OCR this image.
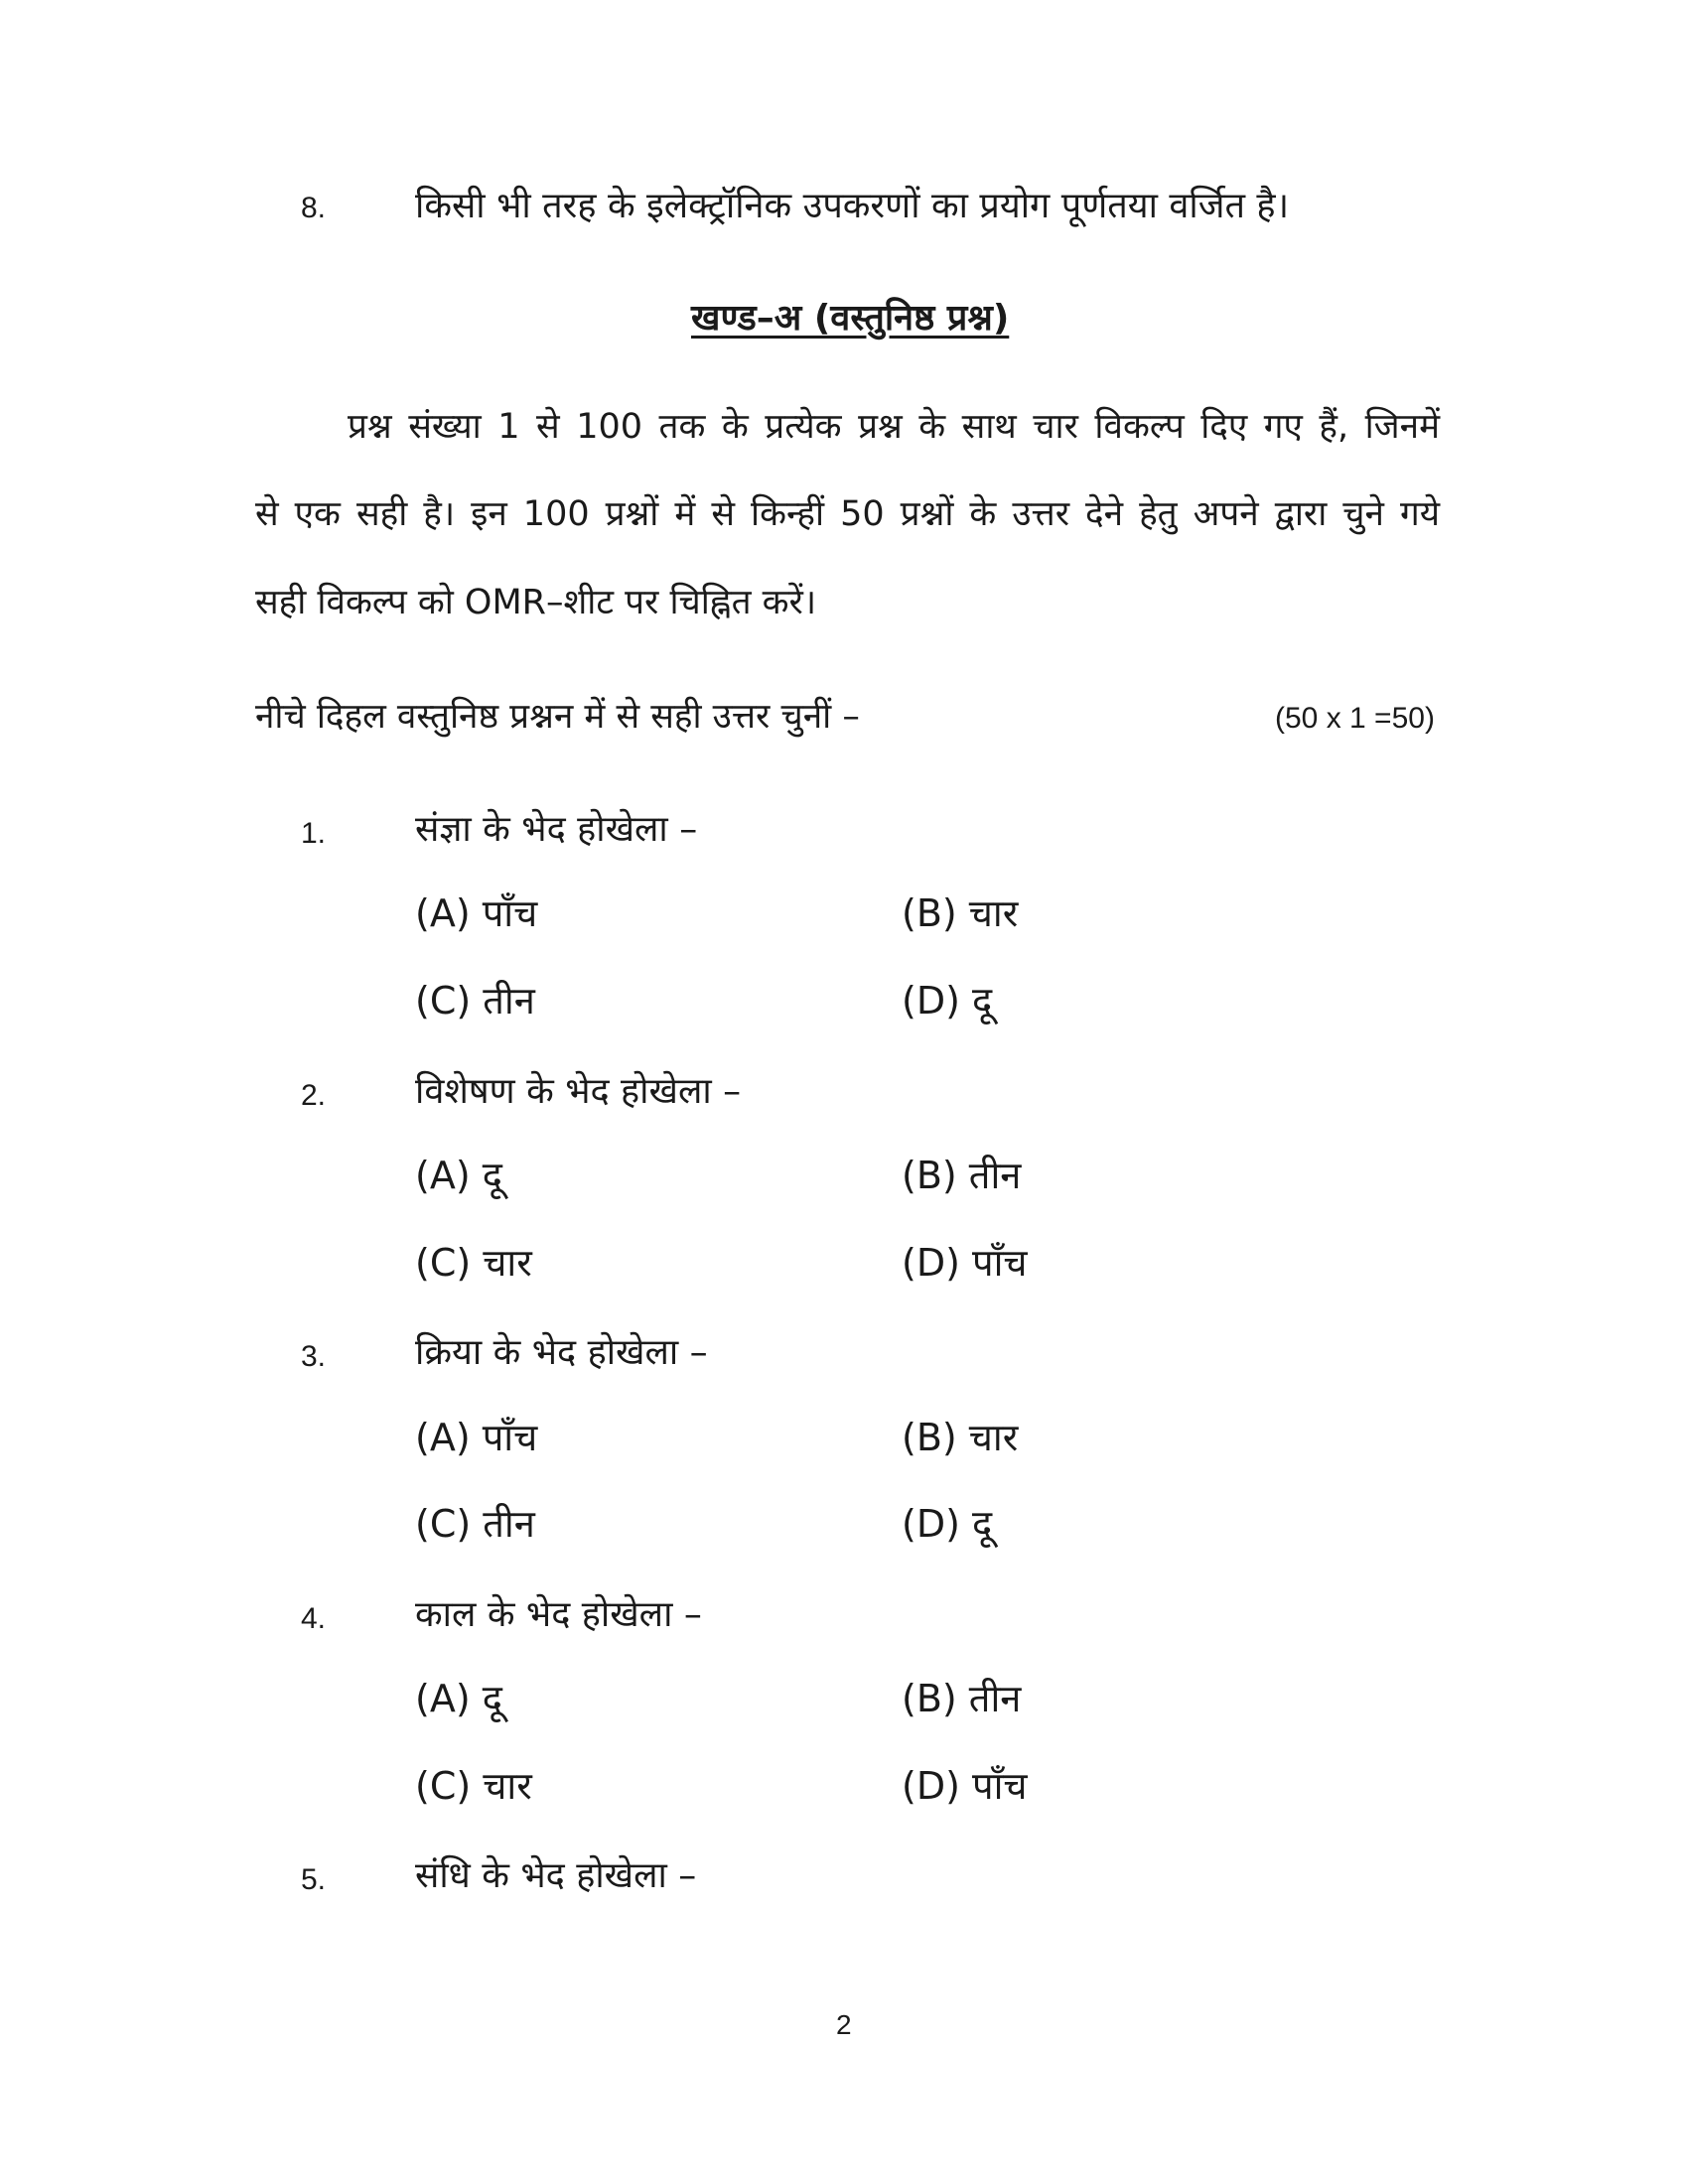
8. किसी भी तरह के इलेक्ट्रॉनिक उपकरणों का प्रयोग पूर्णतया वर्जित है।
खण्ड–अ (वस्तुनिष्ठ प्रश्न)
प्रश्न संख्या 1 से 100 तक के प्रत्येक प्रश्न के साथ चार विकल्प दिए गए हैं, जिनमें
से एक सही है। इन 100 प्रश्नों में से किन्हीं 50 प्रश्नों के उत्तर देने हेतु अपने द्वारा चुने गये
सही विकल्प को OMR–शीट पर चिह्नित करें।
नीचे दिहल वस्तुनिष्ठ प्रश्नन में से सही उत्तर चुनीं –	(50 x 1 =50)
1. संज्ञा के भेद होखेला –
(A) पाँच	(B) चार
(C) तीन	(D) दू
2. विशेषण के भेद होखेला –
(A) दू	(B) तीन
(C) चार	(D) पाँच
3. क्रिया के भेद होखेला –
(A) पाँच	(B) चार
(C) तीन	(D) दू
4. काल के भेद होखेला –
(A) दू	(B) तीन
(C) चार	(D) पाँच
5. संधि के भेद होखेला –
2
